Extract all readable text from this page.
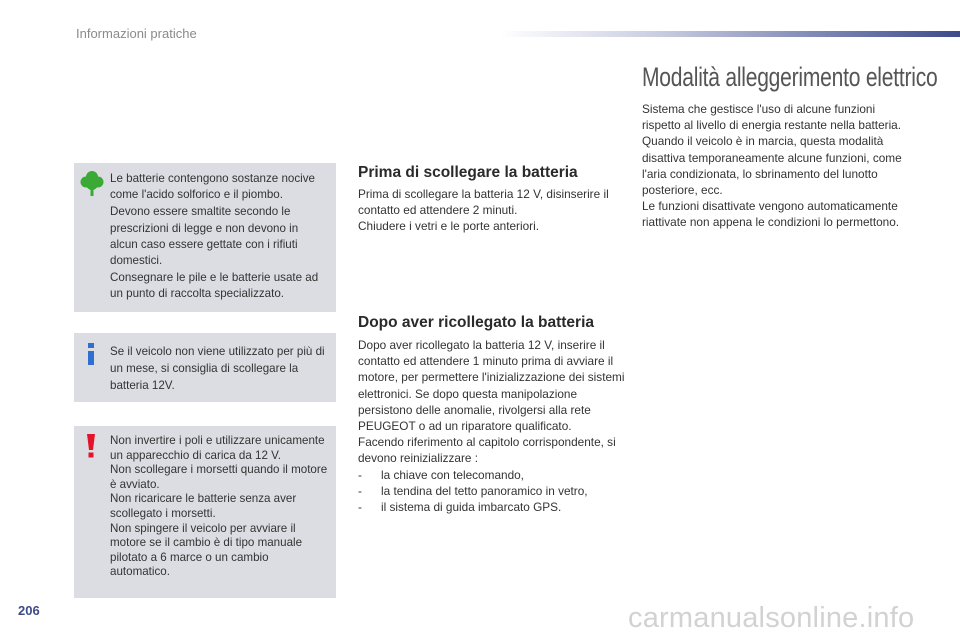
Informazioni pratiche

Le batterie contengono sostanze nocive come l'acido solforico e il piombo.

Devono essere smaltite secondo le prescrizioni di legge e non devono in alcun caso essere gettate con i rifiuti domestici.

Consegnare le pile e le batterie usate ad un punto di raccolta specializzato.

Se il veicolo non viene utilizzato per più di un mese, si consiglia di scollegare la batteria 12V.

Non invertire i poli e utilizzare unicamente un apparecchio di carica da 12 V.

Non scollegare i morsetti quando il motore è avviato.

Non ricaricare le batterie senza aver scollegato i morsetti.

Non spingere il veicolo per avviare il motore se il cambio è di tipo manuale pilotato a 6 marce o un cambio automatico.

Prima di scollegare la batteria

Prima di scollegare la batteria 12 V, disinserire il contatto ed attendere 2 minuti.

Chiudere i vetri e le porte anteriori.

Dopo aver ricollegato la batteria

Dopo aver ricollegato la batteria 12 V, inserire il contatto ed attendere 1 minuto prima di avviare il motore, per permettere l'inizializzazione dei sistemi elettronici. Se dopo questa manipolazione persistono delle anomalie, rivolgersi alla rete PEUGEOT o ad un riparatore qualificato.

Facendo riferimento al capitolo corrispondente, si devono reinizializzare :

- la chiave con telecomando,
- la tendina del tetto panoramico in vetro,
- il sistema di guida imbarcato GPS.
Modalità alleggerimento elettrico

Sistema che gestisce l'uso di alcune funzioni rispetto al livello di energia restante nella batteria.

Quando il veicolo è in marcia, questa modalità disattiva temporaneamente alcune funzioni, come l'aria condizionata, lo sbrinamento del lunotto posteriore, ecc.

Le funzioni disattivate vengono automaticamente riattivate non appena le condizioni lo permettono.

206	carmanualsonline.info
